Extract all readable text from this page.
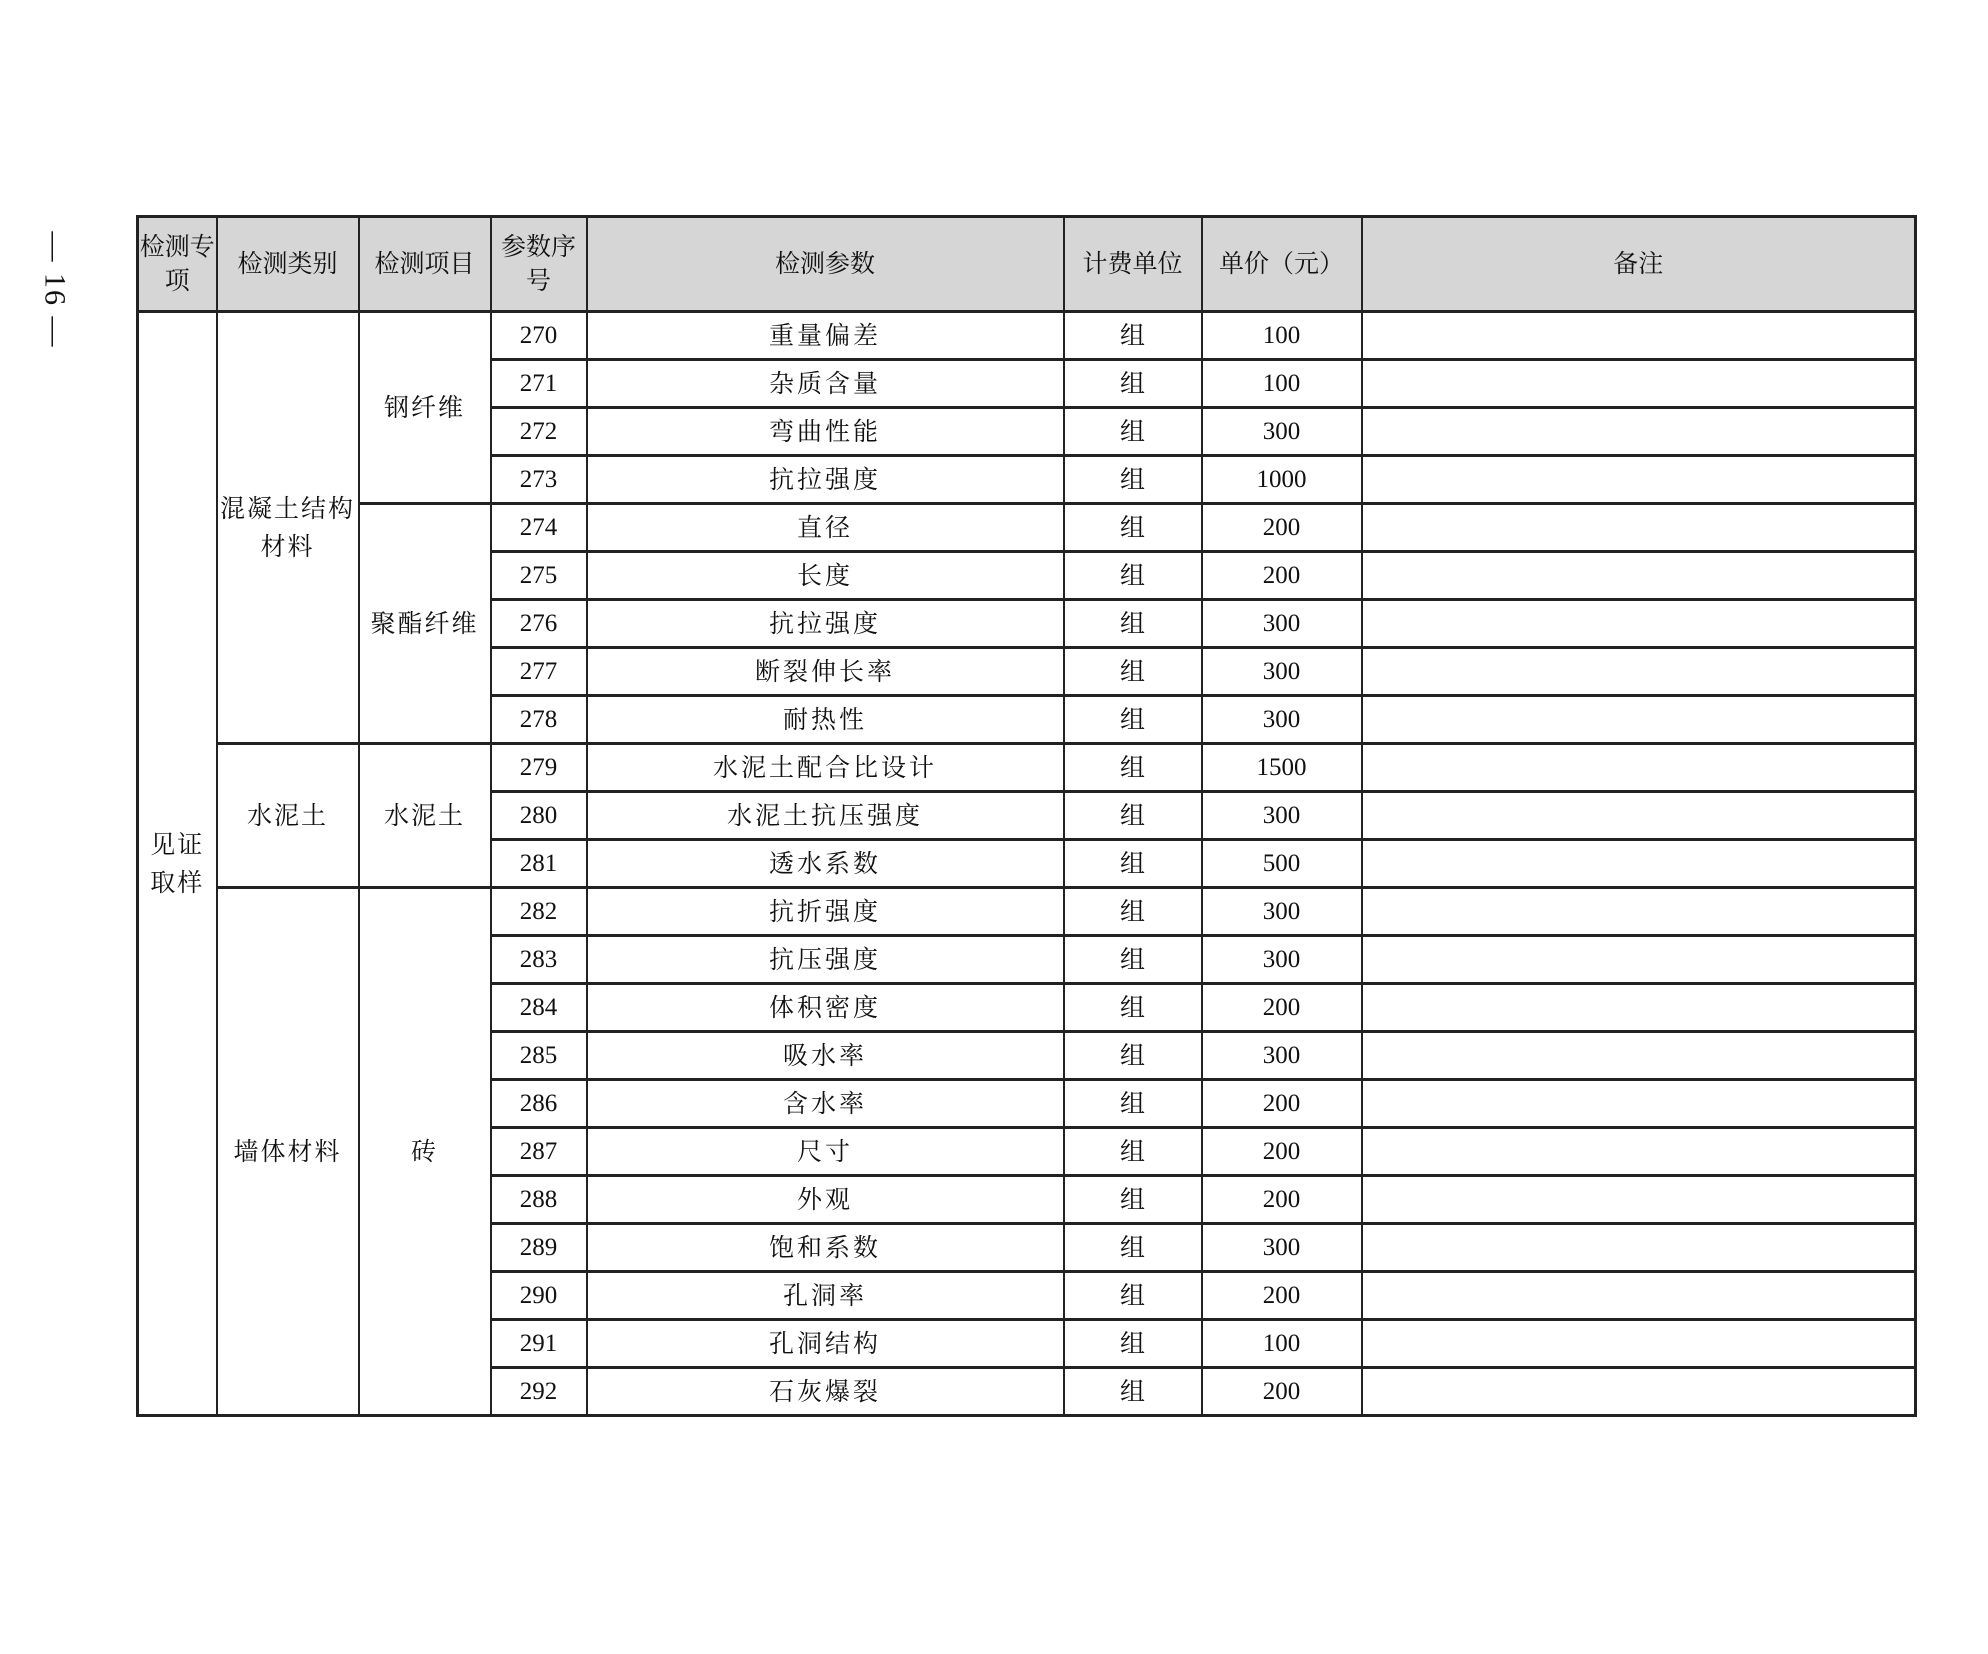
— 16 —	检测专项	检测类别	检测项目	参数序号	检测参数	计费单位	单价（元）	备注
见证取样	混凝土结构材料	钢纤维	270	重量偏差	组	100	
			271	杂质含量	组	100	
			272	弯曲性能	组	300	
			273	抗拉强度	组	1000	
		聚酯纤维	274	直径	组	200	
			275	长度	组	200	
			276	抗拉强度	组	300	
			277	断裂伸长率	组	300	
			278	耐热性	组	300	
	水泥土	水泥土	279	水泥土配合比设计	组	1500	
			280	水泥土抗压强度	组	300	
			281	透水系数	组	500	
	墙体材料	砖	282	抗折强度	组	300	
			283	抗压强度	组	300	
			284	体积密度	组	200	
			285	吸水率	组	300	
			286	含水率	组	200	
			287	尺寸	组	200	
			288	外观	组	200	
			289	饱和系数	组	300	
			290	孔洞率	组	200	
			291	孔洞结构	组	100	
			292	石灰爆裂	组	200	
